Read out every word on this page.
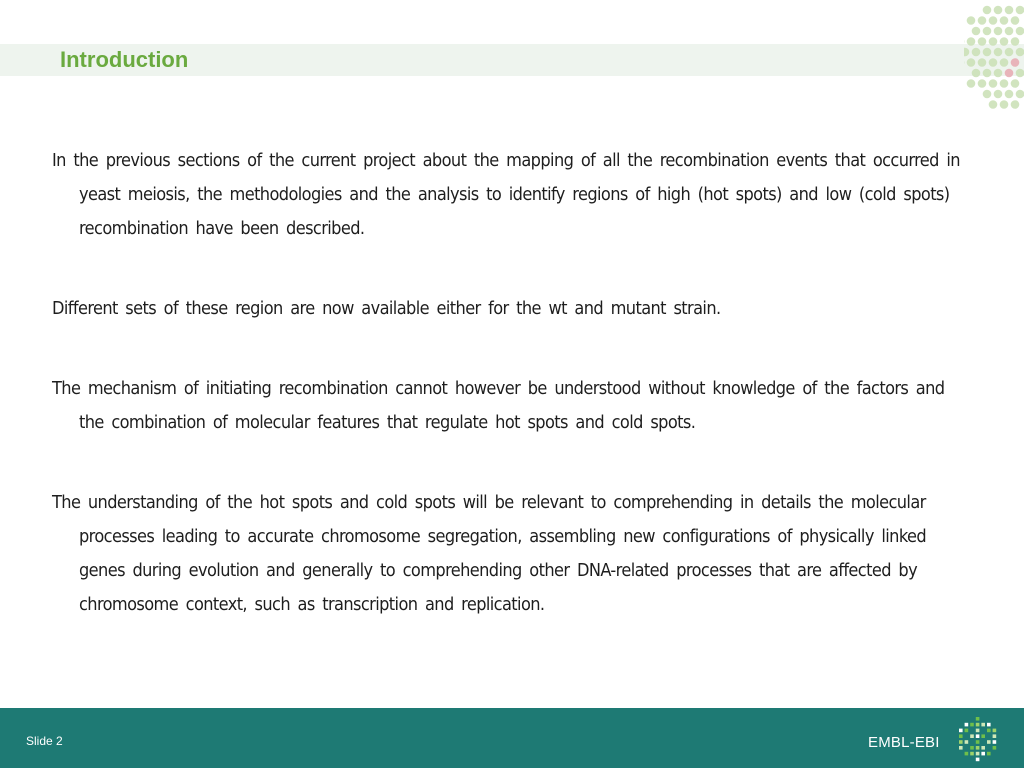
Introduction

In the previous sections of the current project about the mapping of all the recombination events that occurred in yeast meiosis, the methodologies and the analysis to identify regions of high (hot spots) and low (cold spots) recombination have been described.

Different sets of these region are now available either for the wt and mutant strain.

The mechanism of initiating recombination cannot however be understood without knowledge of the factors and the combination of molecular features that regulate hot spots and cold spots.

The understanding of the hot spots and cold spots will be relevant to comprehending in details the molecular processes leading to accurate chromosome segregation, assembling new configurations of physically linked genes during evolution and generally to comprehending other DNA-related processes that are affected by chromosome context, such as transcription and replication.

Slide 2	EMBL-EBI
